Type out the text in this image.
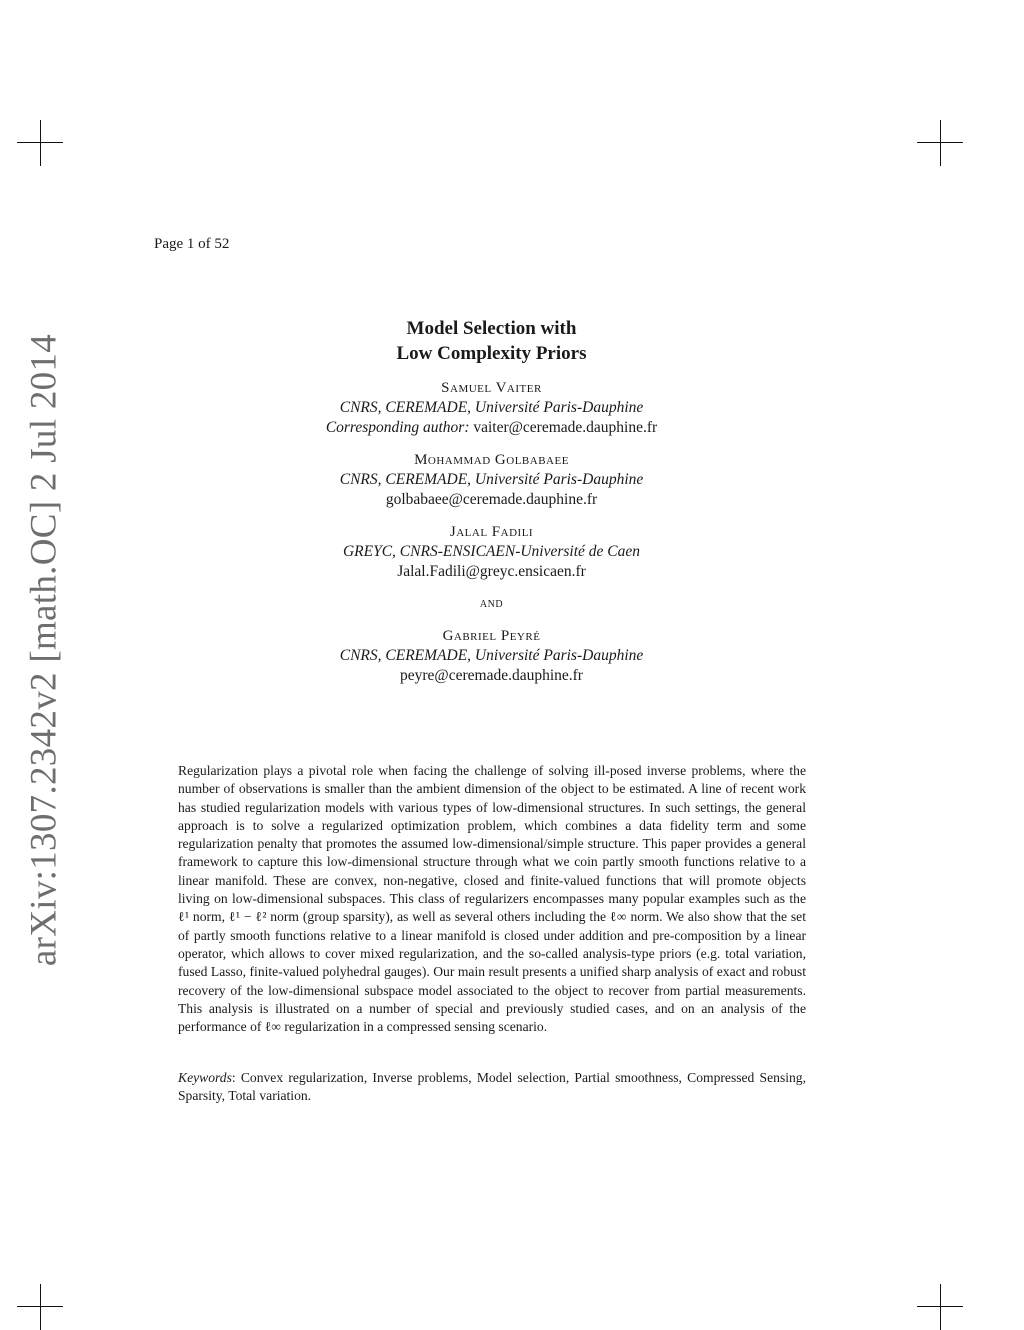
arXiv:1307.2342v2 [math.OC] 2 Jul 2014
Page 1 of 52
Model Selection with
Low Complexity Priors
Samuel Vaiter
CNRS, CEREMADE, Université Paris-Dauphine
Corresponding author: vaiter@ceremade.dauphine.fr
Mohammad Golbabaee
CNRS, CEREMADE, Université Paris-Dauphine
golbabaee@ceremade.dauphine.fr
Jalal Fadili
GREYC, CNRS-ENSICAEN-Université de Caen
Jalal.Fadili@greyc.ensicaen.fr
and
Gabriel Peyré
CNRS, CEREMADE, Université Paris-Dauphine
peyre@ceremade.dauphine.fr
Regularization plays a pivotal role when facing the challenge of solving ill-posed inverse problems, where the number of observations is smaller than the ambient dimension of the object to be estimated. A line of recent work has studied regularization models with various types of low-dimensional structures. In such settings, the general approach is to solve a regularized optimization problem, which combines a data fidelity term and some regularization penalty that promotes the assumed low-dimensional/simple structure. This paper provides a general framework to capture this low-dimensional structure through what we coin partly smooth functions relative to a linear manifold. These are convex, non-negative, closed and finite-valued functions that will promote objects living on low-dimensional subspaces. This class of regularizers encompasses many popular examples such as the ℓ¹ norm, ℓ¹ − ℓ² norm (group sparsity), as well as several others including the ℓ∞ norm. We also show that the set of partly smooth functions relative to a linear manifold is closed under addition and pre-composition by a linear operator, which allows to cover mixed regularization, and the so-called analysis-type priors (e.g. total variation, fused Lasso, finite-valued polyhedral gauges). Our main result presents a unified sharp analysis of exact and robust recovery of the low-dimensional subspace model associated to the object to recover from partial measurements. This analysis is illustrated on a number of special and previously studied cases, and on an analysis of the performance of ℓ∞ regularization in a compressed sensing scenario.
Keywords: Convex regularization, Inverse problems, Model selection, Partial smoothness, Compressed Sensing, Sparsity, Total variation.
